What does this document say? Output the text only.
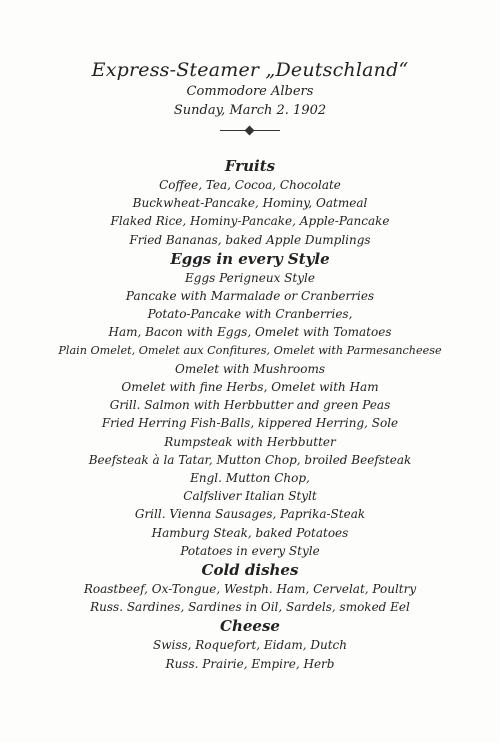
Express-Steamer „Deutschland“
Commodore Albers
Sunday, March 2. 1902
Fruits
Coffee, Tea, Cocoa, Chocolate
Buckwheat-Pancake, Hominy, Oatmeal
Flaked Rice, Hominy-Pancake, Apple-Pancake
Fried Bananas, baked Apple Dumplings
Eggs in every Style
Eggs Perigneux Style
Pancake with Marmalade or Cranberries
Potato-Pancake with Cranberries,
Ham, Bacon with Eggs, Omelet with Tomatoes
Plain Omelet, Omelet aux Confitures, Omelet with Parmesancheese
Omelet with Mushrooms
Omelet with fine Herbs, Omelet with Ham
Grill. Salmon with Herbbutter and green Peas
Fried Herring Fish-Balls, kippered Herring, Sole
Rumpsteak with Herbbutter
Beefsteak à la Tatar, Mutton Chop, broiled Beefsteak
Engl. Mutton Chop,
Calfsliver Italian Stylt
Grill. Vienna Sausages, Paprika-Steak
Hamburg Steak, baked Potatoes
Potatoes in every Style
Cold dishes
Roastbeef, Ox-Tongue, Westph. Ham, Cervelat, Poultry
Russ. Sardines, Sardines in Oil, Sardels, smoked Eel
Cheese
Swiss, Roquefort, Eidam, Dutch
Russ. Prairie, Empire, Herb
